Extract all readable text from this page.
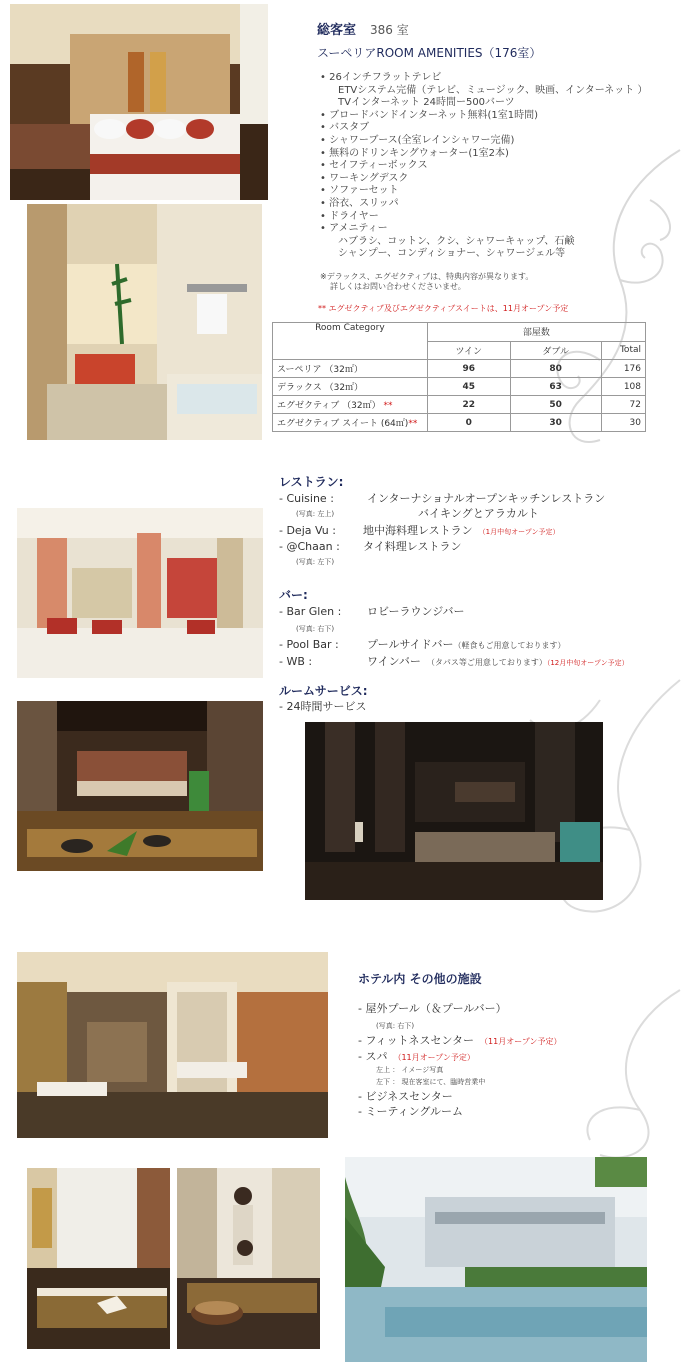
総客室 386 室
スーペリアROOM AMENITIES（176室）
• 26インチフラットテレビ
ETVシステム完備（テレビ、ミュージック、映画、インターネット ）
TVインターネット 24時間ー500バーツ
• ブロードバンドインターネット無料(1室1時間)
• バスタブ
• シャワーブース(全室レインシャワー完備)
• 無料のドリンキングウォーター(1室2本)
• セイフティーボックス
• ワーキングデスク
• ソファーセット
• 浴衣、スリッパ
• ドライヤー
• アメニティー
ハブラシ、コットン、クシ、シャワーキャップ、石鹸
シャンプー、コンディショナー、シャワージェル等
※デラックス、エグゼクティブは、特典内容が異なります。
詳しくはお問い合わせくださいませ。
** エグゼクティブ及びエグゼクティブスイートは、11月オープン予定
Room Category	部屋数		
	ツイン	ダブル	Total
スーペリア （32㎡）	96	80	176
デラックス （32㎡）	45	63	108
エグゼクティブ （32㎡） **	22	50	72
エグゼクティブ スイート (64㎡)**	0	30	30
レストラン:
- Cuisine :	インターナショナルオープンキッチンレストラン
(写真: 左上)	バイキングとアラカルト
- Deja Vu : 地中海料理レストラン （1月中旬オープン予定）
- @Chaan : タイ料理レストラン
(写真: 左下)
バー:
- Bar Glen : ロビーラウンジバー
(写真: 右下)
- Pool Bar :	プールサイドバー（軽食もご用意しております）
- WB :	ワインバー （タパス等ご用意しております）（12月中旬オープン予定）
ルームサービス:
- 24時間サービス
ホテル内 その他の施設
- 屋外プール（＆プールバー）
(写真: 右下)
- フィットネスセンター （11月オープン予定）
- スパ （11月オープン予定）
左上 ： イメージ写真
左下 ： 現在客室にて、臨時営業中
- ビジネスセンター
- ミーティングルーム
